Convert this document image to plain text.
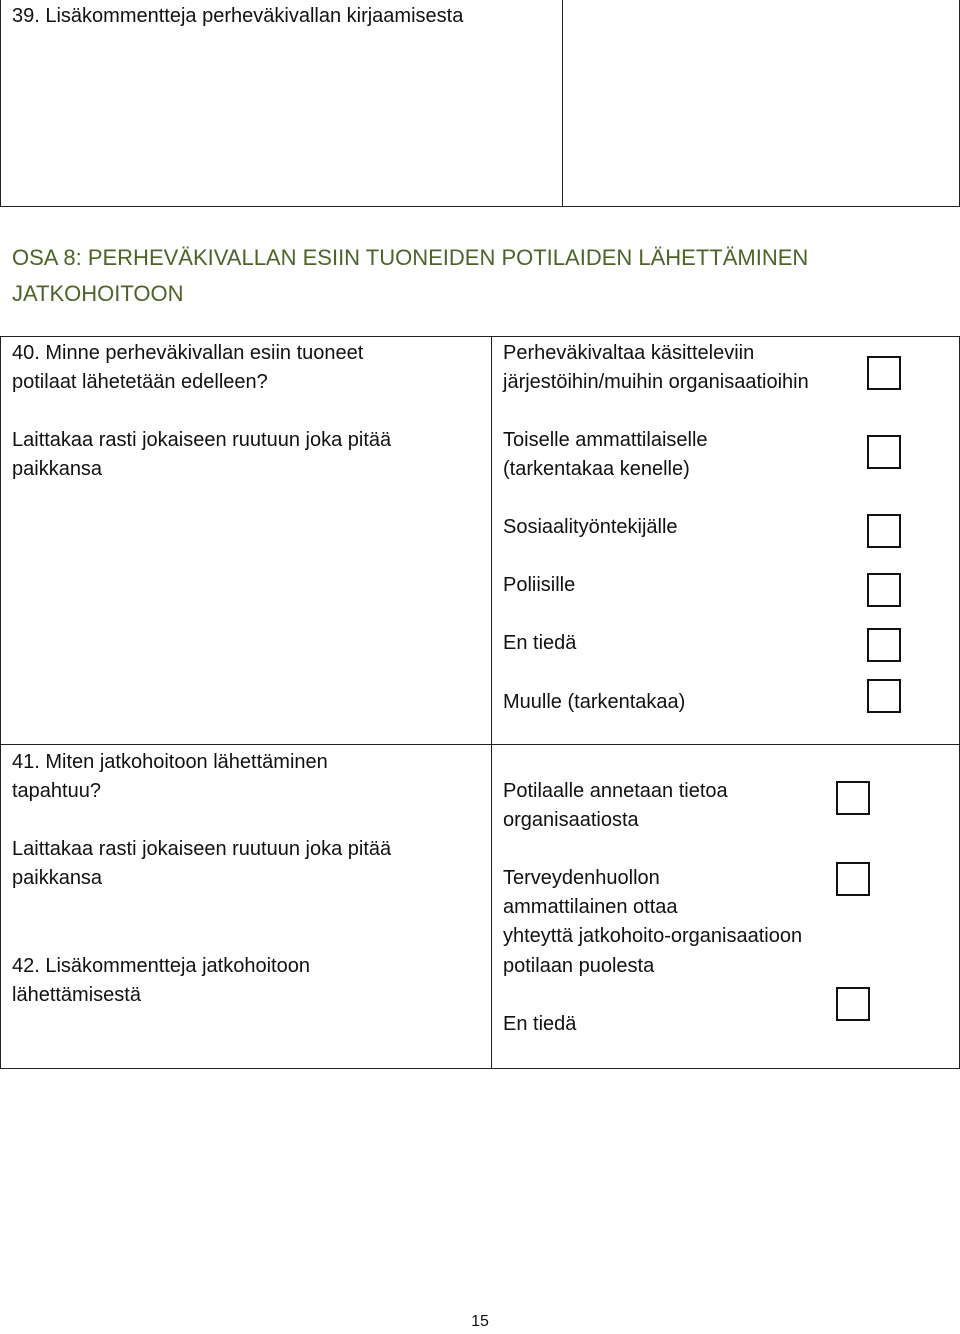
39. Lisäkommentteja perheväkivallan kirjaamisesta
OSA 8: PERHEVÄKIVALLAN ESIIN TUONEIDEN POTILAIDEN LÄHETTÄMINEN JATKOHOITOON
40. Minne perheväkivallan esiin tuoneet
potilaat lähetetään edelleen?
Laittakaa rasti jokaiseen ruutuun joka pitää
paikkansa
Perheväkivaltaa käsitteleviin
järjestöihin/muihin organisaatioihin
Toiselle ammattilaiselle
(tarkentakaa kenelle)
Sosiaalityöntekijälle
Poliisille
En tiedä
Muulle (tarkentakaa)
41. Miten jatkohoitoon lähettäminen
tapahtuu?
Laittakaa rasti jokaiseen ruutuun joka pitää
paikkansa
42. Lisäkommentteja jatkohoitoon
lähettämisestä
Potilaalle annetaan tietoa
organisaatiosta
Terveydenhuollon
ammattilainen ottaa
yhteyttä jatkohoito-organisaatioon
potilaan puolesta
En tiedä
15
